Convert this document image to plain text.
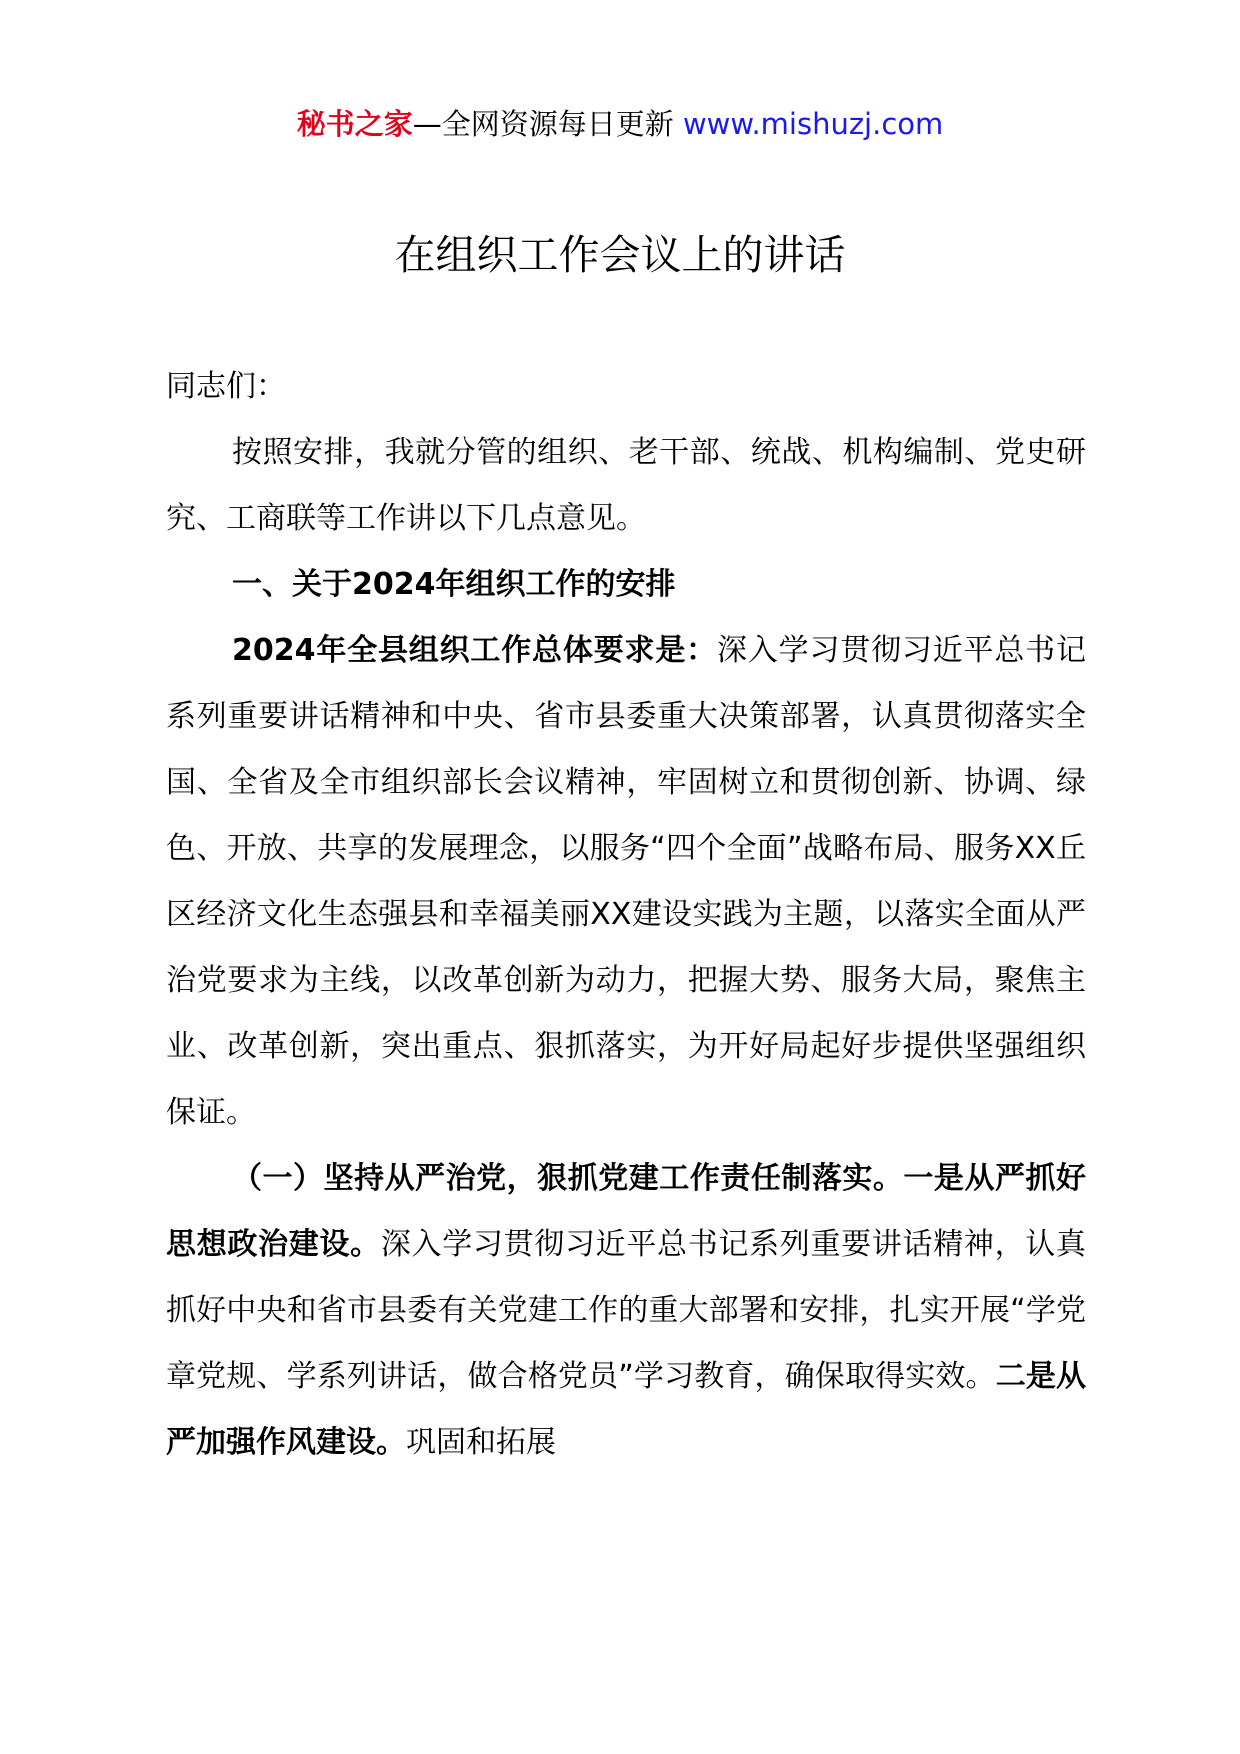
秘书之家—全网资源每日更新 www.mishuzj.com
在组织工作会议上的讲话

同志们：

按照安排，我就分管的组织、老干部、统战、机构编制、党史研究、工商联等工作讲以下几点意见。

一、关于2024年组织工作的安排

2024年全县组织工作总体要求是：深入学习贯彻习近平总书记系列重要讲话精神和中央、省市县委重大决策部署，认真贯彻落实全国、全省及全市组织部长会议精神，牢固树立和贯彻创新、协调、绿色、开放、共享的发展理念，以服务“四个全面”战略布局、服务XX丘区经济文化生态强县和幸福美丽XX建设实践为主题，以落实全面从严治党要求为主线，以改革创新为动力，把握大势、服务大局，聚焦主业、改革创新，突出重点、狠抓落实，为开好局起好步提供坚强组织保证。

（一）坚持从严治党，狠抓党建工作责任制落实。一是从严抓好思想政治建设。深入学习贯彻习近平总书记系列重要讲话精神，认真抓好中央和省市县委有关党建工作的重大部署和安排，扎实开展“学党章党规、学系列讲话，做合格党员”学习教育，确保取得实效。二是从严加强作风建设。巩固和拓展
